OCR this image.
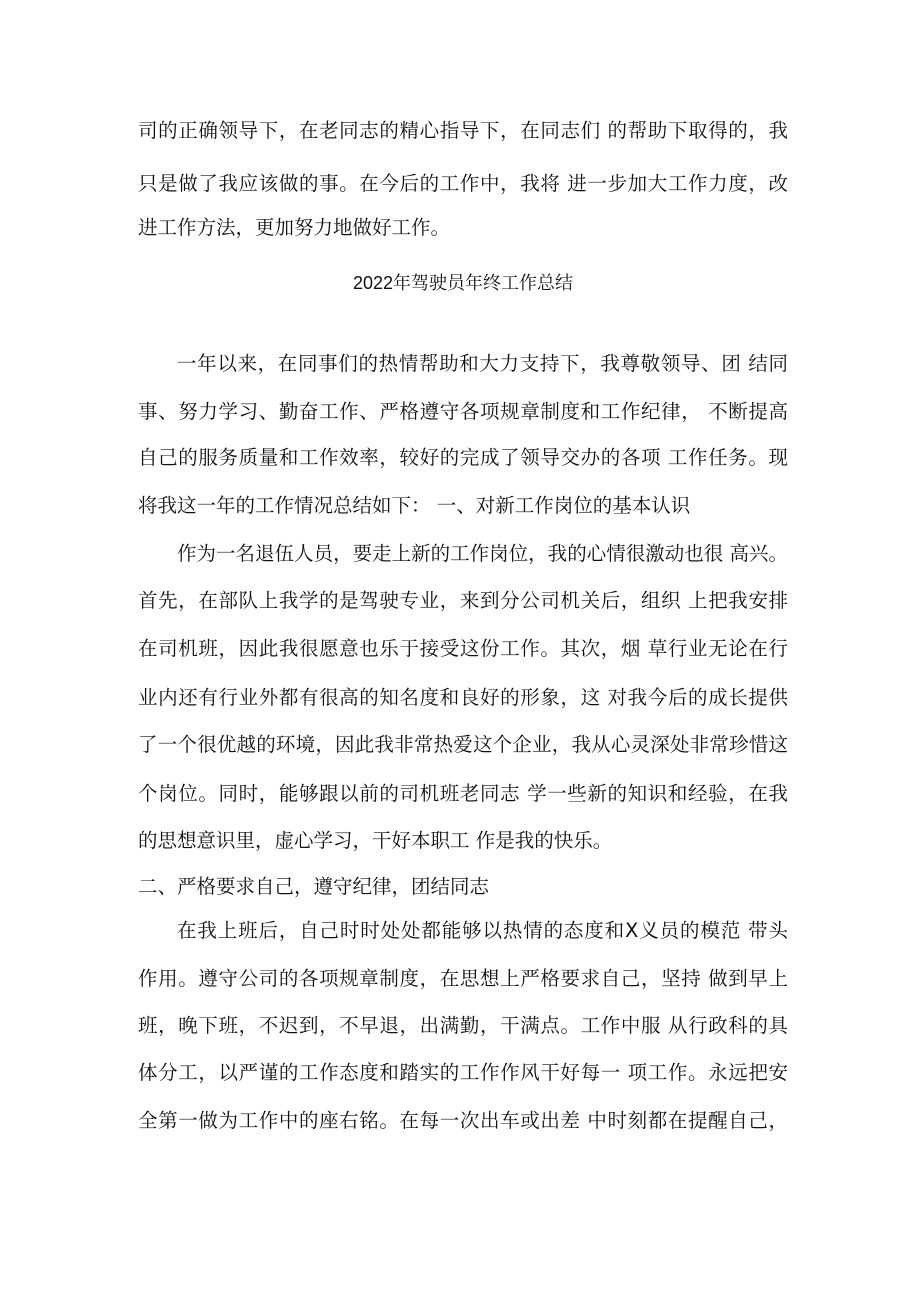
司的正确领导下，在老同志的精心指导下，在同志们 的帮助下取得的，我
只是做了我应该做的事。在今后的工作中，我将 进一步加大工作力度，改
进工作方法，更加努力地做好工作。
2022年驾驶员年终工作总结
一年以来，在同事们的热情帮助和大力支持下，我尊敬领导、团 结同
事、努力学习、勤奋工作、严格遵守各项规章制度和工作纪律， 不断提高
自己的服务质量和工作效率，较好的完成了领导交办的各项 工作任务。现
将我这一年的工作情况总结如下： 一、对新工作岗位的基本认识
作为一名退伍人员，要走上新的工作岗位，我的心情很激动也很 高兴。
首先，在部队上我学的是驾驶专业，来到分公司机关后，组织 上把我安排
在司机班，因此我很愿意也乐于接受这份工作。其次，烟 草行业无论在行
业内还有行业外都有很高的知名度和良好的形象，这 对我今后的成长提供
了一个很优越的环境，因此我非常热爱这个企业，我从心灵深处非常珍惜这
个岗位。同时，能够跟以前的司机班老同志 学一些新的知识和经验，在我
的思想意识里，虚心学习，干好本职工 作是我的快乐。
二、严格要求自己，遵守纪律，团结同志
在我上班后，自己时时处处都能够以热情的态度和X义员的模范 带头
作用。遵守公司的各项规章制度，在思想上严格要求自己，坚持 做到早上
班，晚下班，不迟到，不早退，出满勤，干满点。工作中服 从行政科的具
体分工，以严谨的工作态度和踏实的工作作风干好每一 项工作。永远把安
全第一做为工作中的座右铭。在每一次出车或出差 中时刻都在提醒自己，
